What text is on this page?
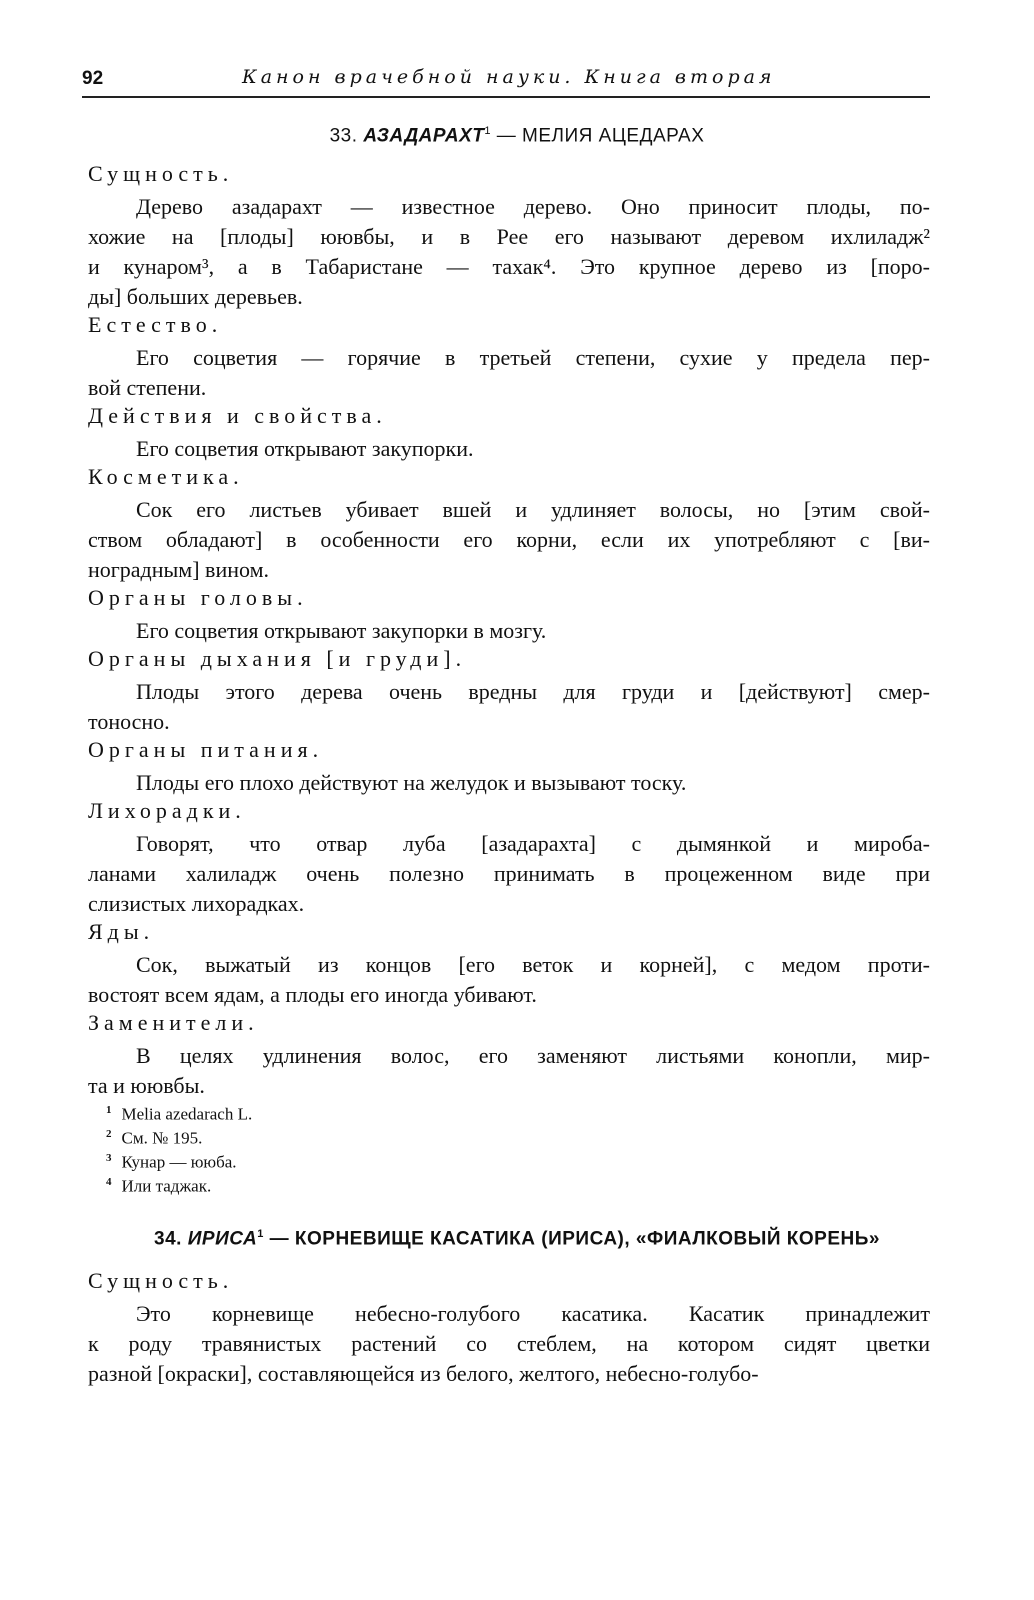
92	Канон врачебной науки. Книга вторая
33. АЗАДАРАХТ$^1$ — МЕЛИЯ АЦЕДАРАХ
Сущность.
Дерево азадарахт — известное дерево. Оно приносит плоды, по-
хожие на [плоды] юювбы, и в Рее его называют деревом ихлиладж²
и кунаром³, а в Табаристане — тахак⁴. Это крупное дерево из [поро-
ды] больших деревьев.
Естество.
Его соцветия — горячие в третьей степени, сухие у предела пер-
вой степени.
Действия и свойства.
Его соцветия открывают закупорки.
Косметика.
Сок его листьев убивает вшей и удлиняет волосы, но [этим свой-
ством обладают] в особенности его корни, если их употребляют с [ви-
ноградным] вином.
Органы головы.
Его соцветия открывают закупорки в мозгу.
Органы дыхания [и груди].
Плоды этого дерева очень вредны для груди и [действуют] смер-
тоносно.
Органы питания.
Плоды его плохо действуют на желудок и вызывают тоску.
Лихорадки.
Говорят, что отвар луба [азадарахта] с дымянкой и мироба-
ланами халиладж очень полезно принимать в процеженном виде при
слизистых лихорадках.
Яды.
Сок, выжатый из концов [его веток и корней], с медом проти-
востоят всем ядам, а плоды его иногда убивают.
Заменители.
В целях удлинения волос, его заменяют листьями конопли, мир-
та и юювбы.
$^1$ Melia azedarach L.
$^2$ См. № 195.
$^3$ Кунар — ююба.
$^4$ Или таджак.
34. ИРИСА$^1$ — КОРНЕВИЩЕ КАСАТИКА (ИРИСА), «ФИАЛКОВЫЙ КОРЕНЬ»
Сущность.
Это корневище небесно-голубого касатика. Касатик принадлежит
к роду травянистых растений со стеблем, на котором сидят цветки
разной [окраски], составляющейся из белого, желтого, небесно-голубо-
